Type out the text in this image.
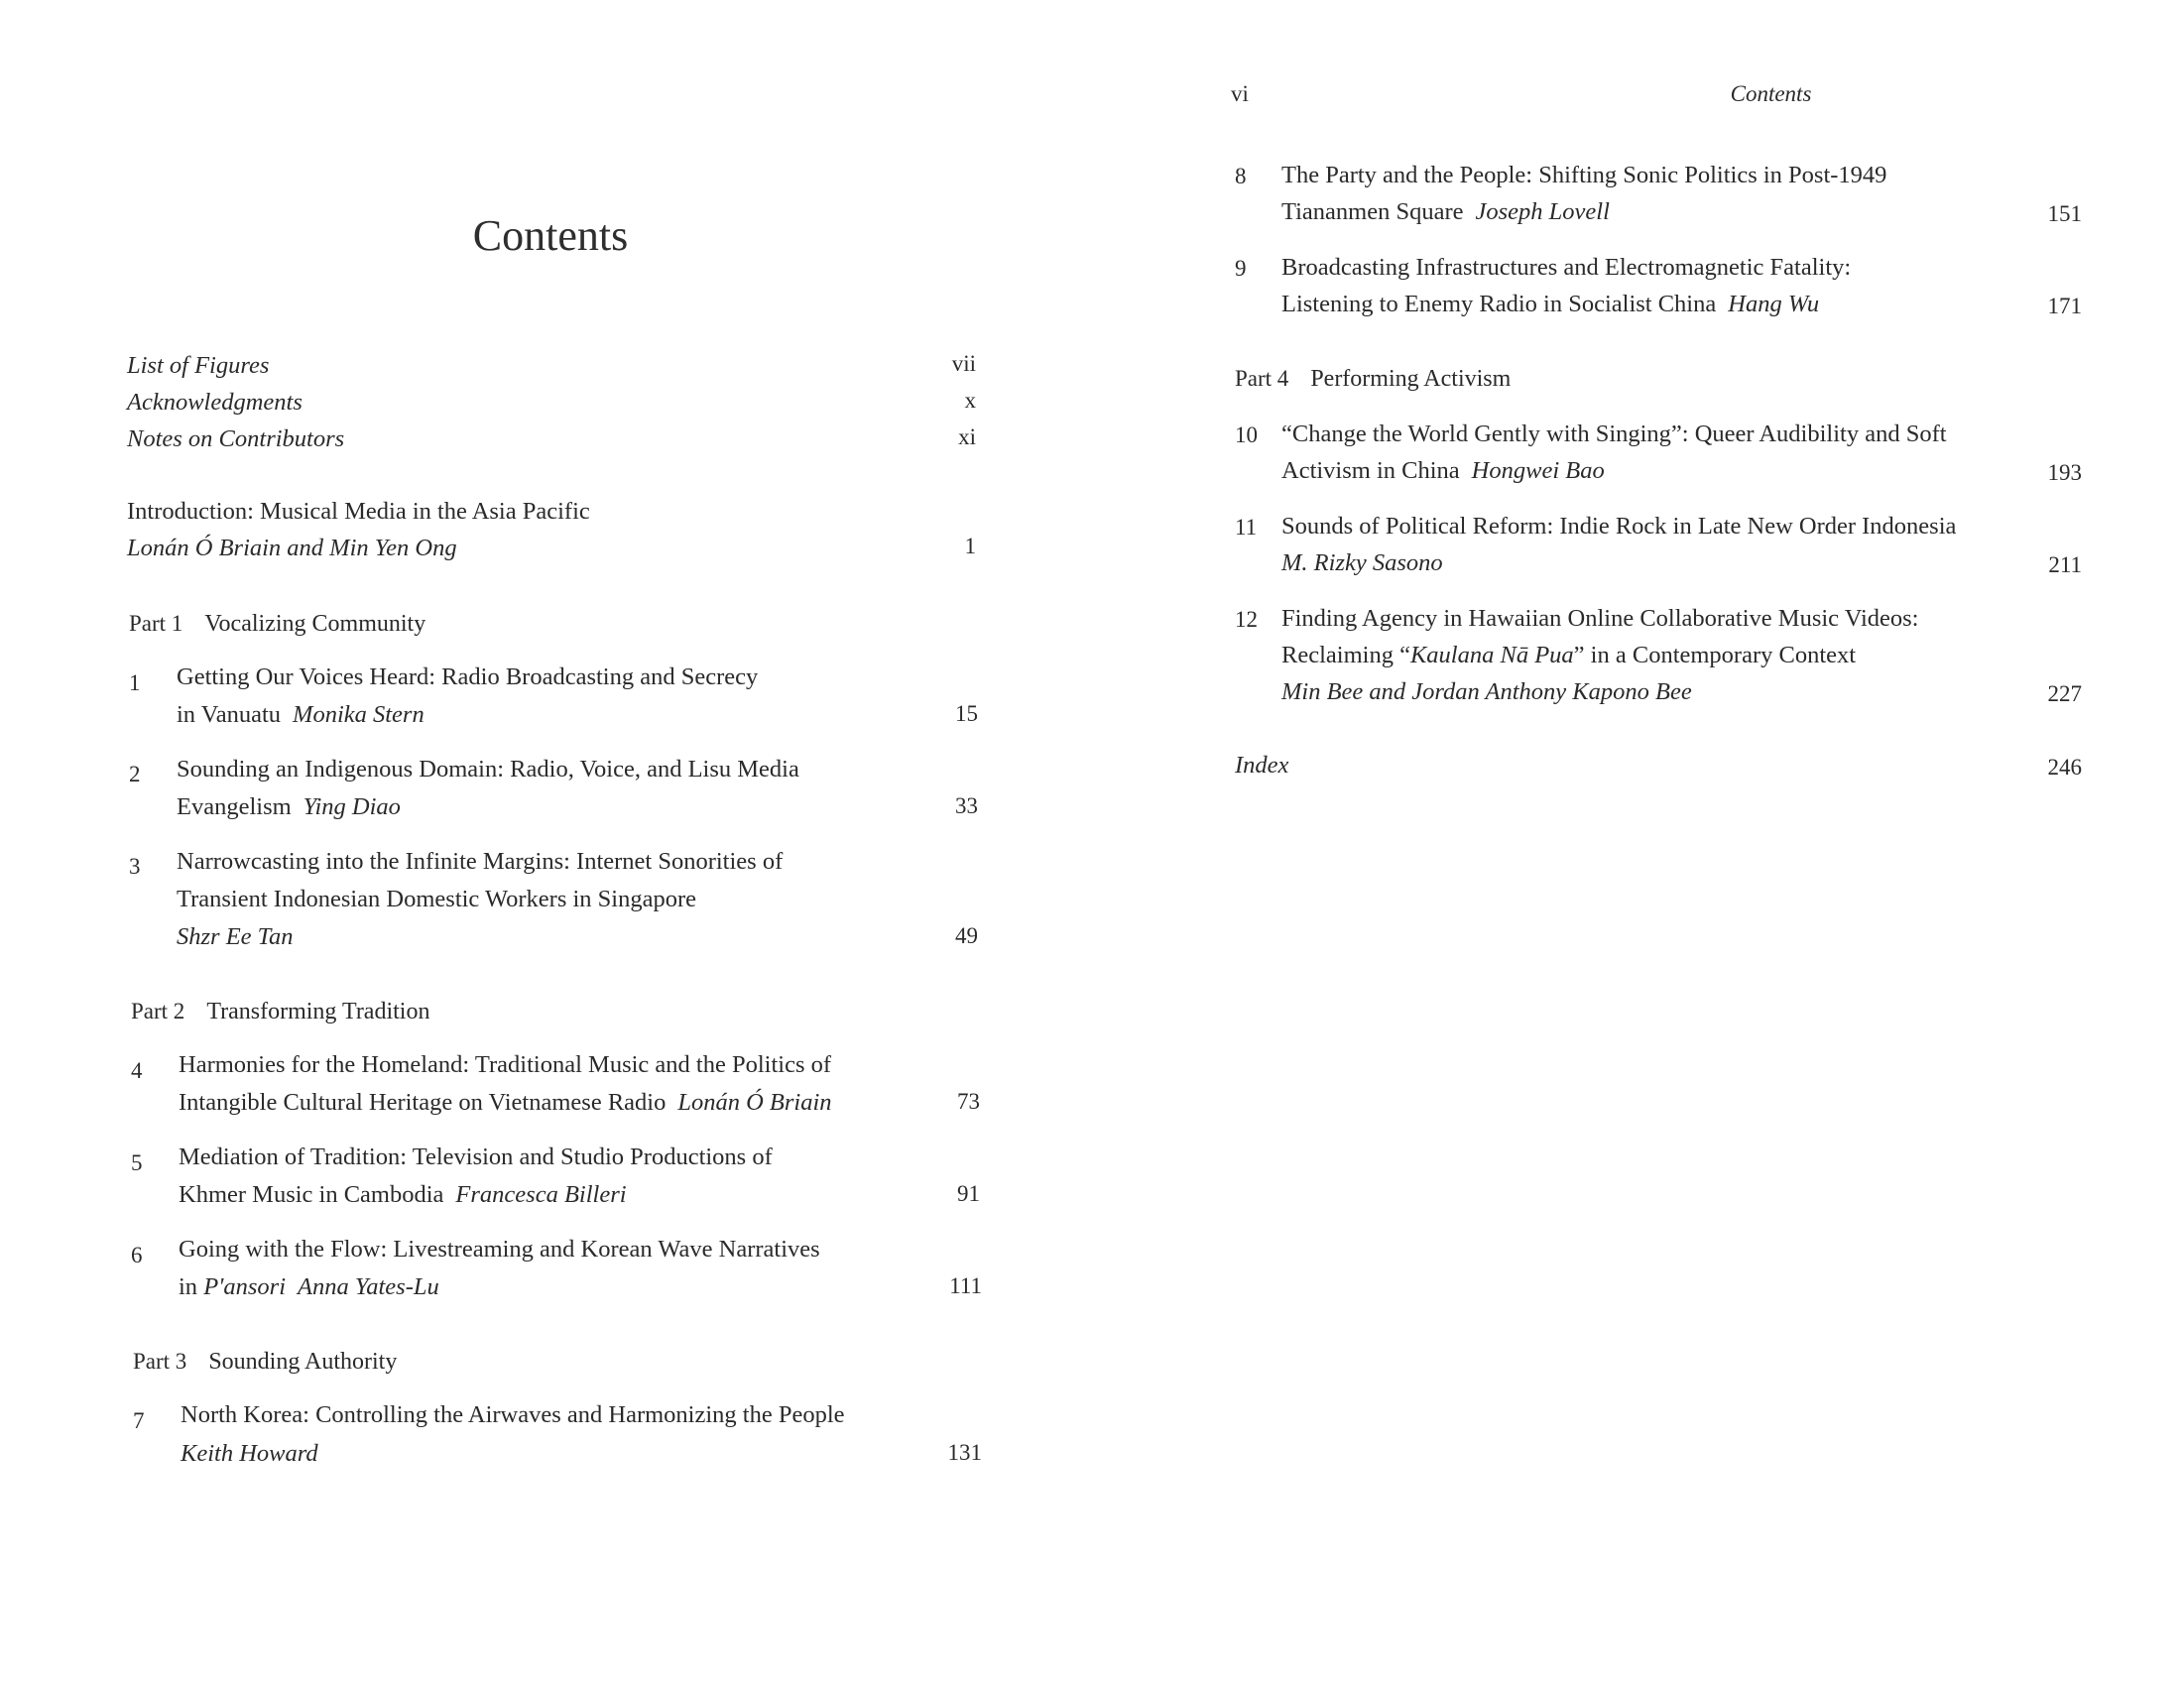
Contents
List of Figures	vii
Acknowledgments	x
Notes on Contributors	xi
Introduction: Musical Media in the Asia Pacific
Lonán Ó Briain and Min Yen Ong	1
Part 1 Vocalizing Community
1 Getting Our Voices Heard: Radio Broadcasting and Secrecy
in Vanuatu Monika Stern	15
2 Sounding an Indigenous Domain: Radio, Voice, and Lisu Media
Evangelism Ying Diao	33
3 Narrowcasting into the Infinite Margins: Internet Sonorities of
Transient Indonesian Domestic Workers in Singapore
Shzr Ee Tan	49
Part 2 Transforming Tradition
4 Harmonies for the Homeland: Traditional Music and the Politics of
Intangible Cultural Heritage on Vietnamese Radio Lonán Ó Briain	73
5 Mediation of Tradition: Television and Studio Productions of
Khmer Music in Cambodia Francesca Billeri	91
6 Going with the Flow: Livestreaming and Korean Wave Narratives
in P'ansori Anna Yates-Lu	111
Part 3 Sounding Authority
7 North Korea: Controlling the Airwaves and Harmonizing the People
Keith Howard	131
vi	Contents
8 The Party and the People: Shifting Sonic Politics in Post-1949
Tiananmen Square Joseph Lovell	151
9 Broadcasting Infrastructures and Electromagnetic Fatality:
Listening to Enemy Radio in Socialist China Hang Wu	171
Part 4 Performing Activism
10 “Change the World Gently with Singing”: Queer Audibility and Soft
Activism in China Hongwei Bao	193
11 Sounds of Political Reform: Indie Rock in Late New Order Indonesia
M. Rizky Sasono	211
12 Finding Agency in Hawaiian Online Collaborative Music Videos:
Reclaiming “Kaulana Nā Pua” in a Contemporary Context
Min Bee and Jordan Anthony Kapono Bee	227
Index	246
